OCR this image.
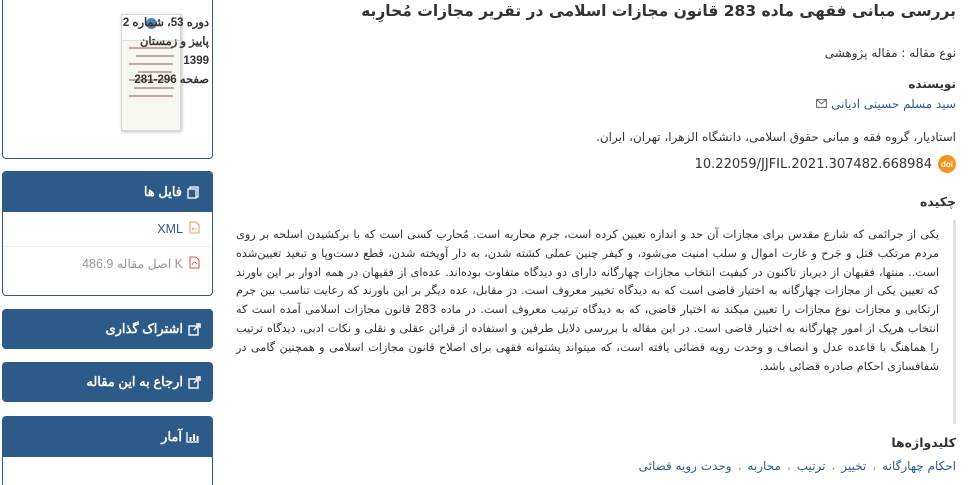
دوره 53، شماره 2
پاییز و زمستان 1399
صفحه 296-281
فایل ها
XML
اصل مقاله 486.9 K
اشتراک گذاری
ارجاع به این مقاله
آمار
بررسی مبانی فقهی ماده 283 قانون مجازات اسلامی در تقریر مجازات مُحارِبه
نوع مقاله : مقاله پژوهشی
نویسنده
سید مسلم حسینی ادیانی
استادیار، گروه فقه و مبانی حقوق اسلامی، دانشگاه الزهرا، تهران، ایران.
doi
10.22059/JJFIL.2021.307482.668984
چکیده

یکی از جرائمی که شارع مقدس برای مجازات آن حد و اندازه تعیین کرده است، جرم محاربه است. مُحارب کسی است که با برکشیدن اسلحه بر روی مردم مرتکب قتل و جَرح و غارت اموال و سلب امنیت می‌شود، و کیفر چنین عملی کشته شدن، به دار آویخته شدن، قطع دست‌وپا و تبعید تعیین‌شده است.. منتها، فقیهان از دیرباز تاکنون در کیفیت انتخاب مجازات چهارگانه دارای دو دیدگاه متفاوت بوده‌اند. عده‌ای از فقیهان در همه ادوار بر این باورند که تعیین یکی از مجازات چهارگانه به اختیار قاضی است که به دیدگاه تخییر معروف است. در مقابل، عده دیگر بر این باورند که رعایت تناسب بین جرم ارتکابی و مجازات نوع مجازات را تعیین میکند نه اختیار قاضی، که به دیدگاه ترتیب معروف است. در ماده 283 قانون مجازات اسلامی آمده است که انتخاب هریک از امور چهارگانه به اختیار قاضی است. در این مقاله با بررسی دلایل طرفین و استفاده از قرائن عقلی و نقلی و نکات ادبی، دیدگاه ترتیب را هماهنگ با قاعده عدل و انصاف و وحدت رویه قضائی یافته است، که میتواند پشتوانه فقهی برای اصلاح قانون مجازات اسلامی و همچنین گامی در شفافسازی احکام صادره قضائی باشد.

کلیدواژه‌ها
احکام چهارگانه
،
تخییر
،
ترتیب
،
محاربه
،
وحدت رویه قضائی
